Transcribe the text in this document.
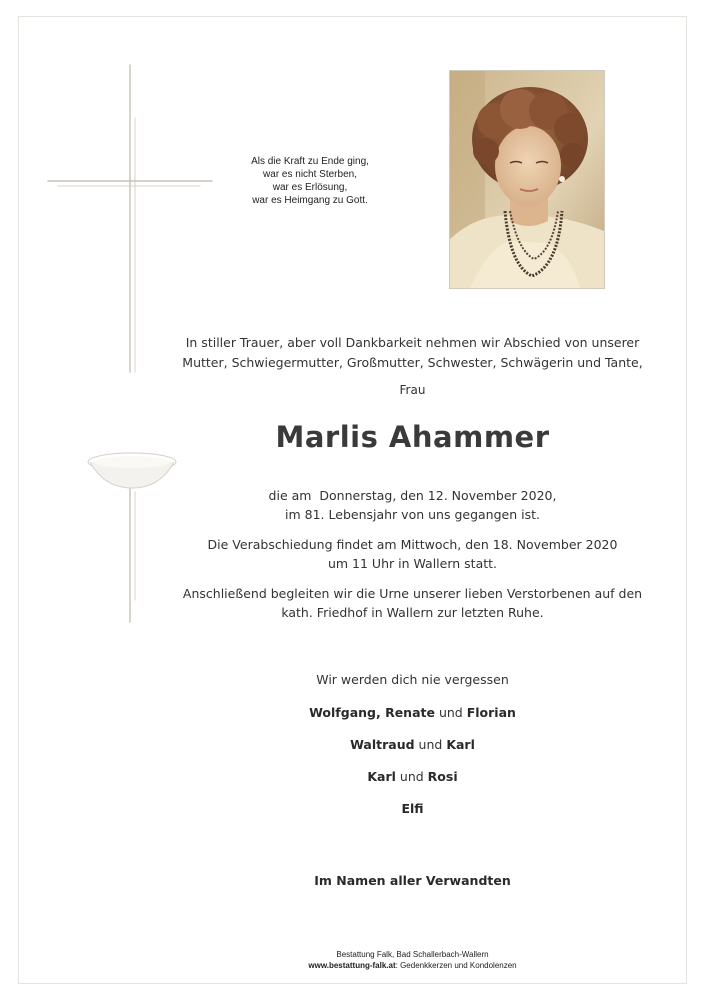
Als die Kraft zu Ende ging,
war es nicht Sterben,
war es Erlösung,
war es Heimgang zu Gott.
In stiller Trauer, aber voll Dankbarkeit nehmen wir Abschied von unserer
Mutter, Schwiegermutter, Großmutter, Schwester, Schwägerin und Tante,
Frau
Marlis Ahammer
die am  Donnerstag, den 12. November 2020,
im 81. Lebensjahr von uns gegangen ist.
Die Verabschiedung findet am Mittwoch, den 18. November 2020
um 11 Uhr in Wallern statt.
Anschließend begleiten wir die Urne unserer lieben Verstorbenen auf den
kath. Friedhof in Wallern zur letzten Ruhe.
Wir werden dich nie vergessen
Wolfgang, Renate und Florian
Waltraud und Karl
Karl und Rosi
Elfi
Im Namen aller Verwandten
Bestattung Falk, Bad Schallerbach-Wallern
www.bestattung-falk.at: Gedenkkerzen und Kondolenzen
